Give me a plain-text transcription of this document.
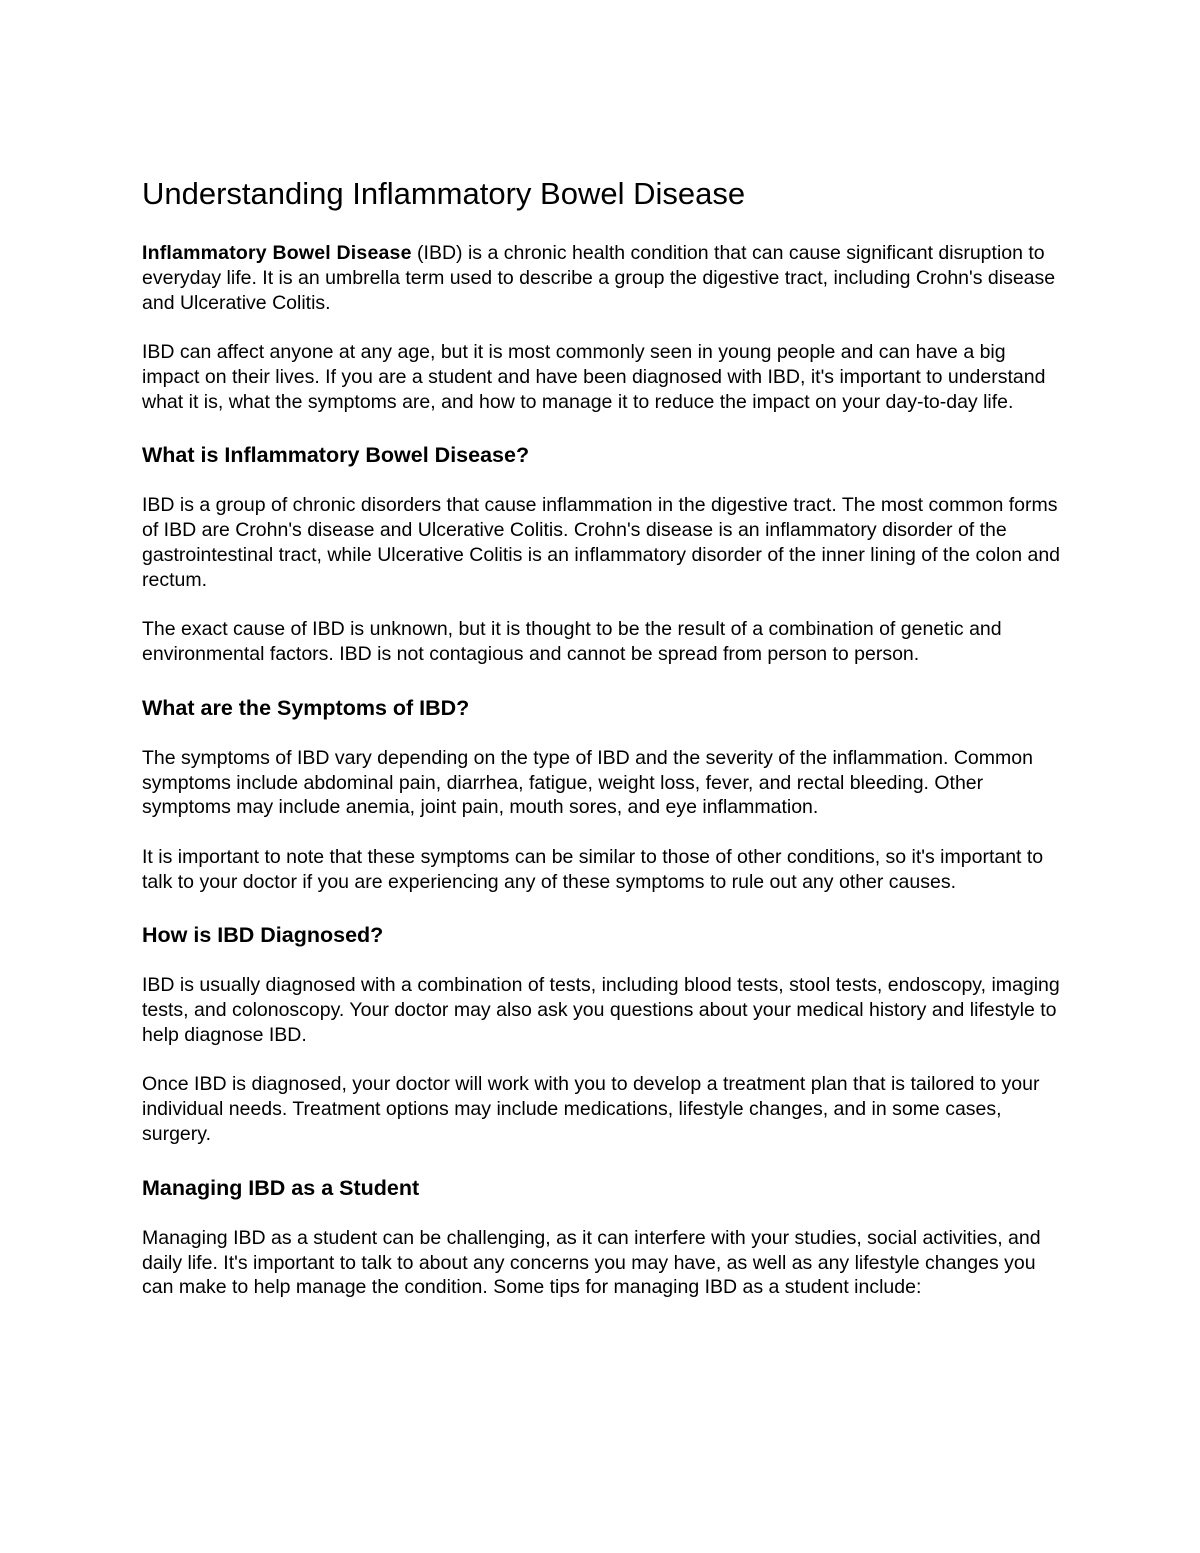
Understanding Inflammatory Bowel Disease

Inflammatory Bowel Disease (IBD) is a chronic health condition that can cause significant disruption to everyday life. It is an umbrella term used to describe a group the digestive tract, including Crohn's disease and Ulcerative Colitis.

IBD can affect anyone at any age, but it is most commonly seen in young people and can have a big impact on their lives. If you are a student and have been diagnosed with IBD, it's important to understand what it is, what the symptoms are, and how to manage it to reduce the impact on your day-to-day life.

What is Inflammatory Bowel Disease?

IBD is a group of chronic disorders that cause inflammation in the digestive tract. The most common forms of IBD are Crohn's disease and Ulcerative Colitis. Crohn's disease is an inflammatory disorder of the gastrointestinal tract, while Ulcerative Colitis is an inflammatory disorder of the inner lining of the colon and rectum.

The exact cause of IBD is unknown, but it is thought to be the result of a combination of genetic and environmental factors. IBD is not contagious and cannot be spread from person to person.

What are the Symptoms of IBD?

The symptoms of IBD vary depending on the type of IBD and the severity of the inflammation. Common symptoms include abdominal pain, diarrhea, fatigue, weight loss, fever, and rectal bleeding. Other symptoms may include anemia, joint pain, mouth sores, and eye inflammation.

It is important to note that these symptoms can be similar to those of other conditions, so it's important to talk to your doctor if you are experiencing any of these symptoms to rule out any other causes.

How is IBD Diagnosed?

IBD is usually diagnosed with a combination of tests, including blood tests, stool tests, endoscopy, imaging tests, and colonoscopy. Your doctor may also ask you questions about your medical history and lifestyle to help diagnose IBD.

Once IBD is diagnosed, your doctor will work with you to develop a treatment plan that is tailored to your individual needs. Treatment options may include medications, lifestyle changes, and in some cases, surgery.

Managing IBD as a Student

Managing IBD as a student can be challenging, as it can interfere with your studies, social activities, and daily life. It's important to talk to about any concerns you may have, as well as any lifestyle changes you can make to help manage the condition. Some tips for managing IBD as a student include:
